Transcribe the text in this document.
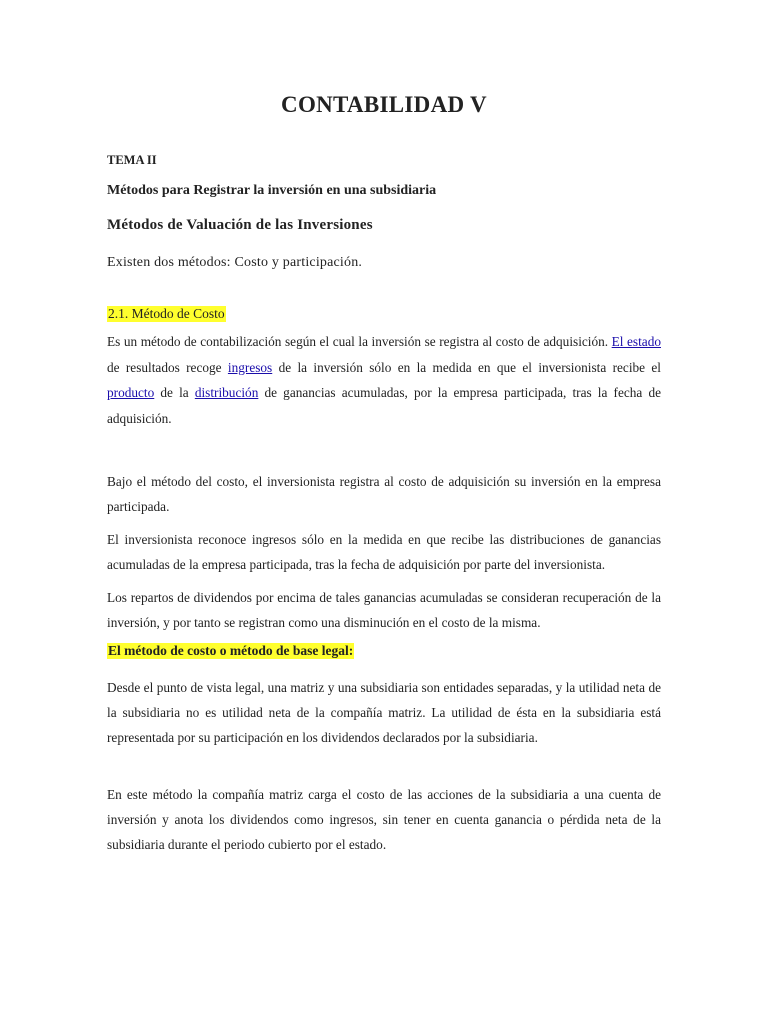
CONTABILIDAD V
TEMA II
Métodos para Registrar la inversión en una subsidiaria
Métodos de Valuación de las Inversiones
Existen dos métodos: Costo y participación.
2.1. Método de Costo
Es un método de contabilización según el cual la inversión se registra al costo de adquisición. El estado de resultados recoge ingresos de la inversión sólo en la medida en que el inversionista recibe el producto de la distribución de ganancias acumuladas, por la empresa participada, tras la fecha de adquisición.
Bajo el método del costo, el inversionista registra al costo de adquisición su inversión en la empresa participada.
El inversionista reconoce ingresos sólo en la medida en que recibe las distribuciones de ganancias acumuladas de la empresa participada, tras la fecha de adquisición por parte del inversionista.
Los repartos de dividendos por encima de tales ganancias acumuladas se consideran recuperación de la inversión, y por tanto se registran como una disminución en el costo de la misma.
El método de costo o método de base legal:
Desde el punto de vista legal, una matriz y una subsidiaria son entidades separadas, y la utilidad neta de la subsidiaria no es utilidad neta de la compañía matriz. La utilidad de ésta en la subsidiaria está representada por su participación en los dividendos declarados por la subsidiaria.
En este método la compañía matriz carga el costo de las acciones de la subsidiaria a una cuenta de inversión y anota los dividendos como ingresos, sin tener en cuenta ganancia o pérdida neta de la subsidiaria durante el periodo cubierto por el estado.
